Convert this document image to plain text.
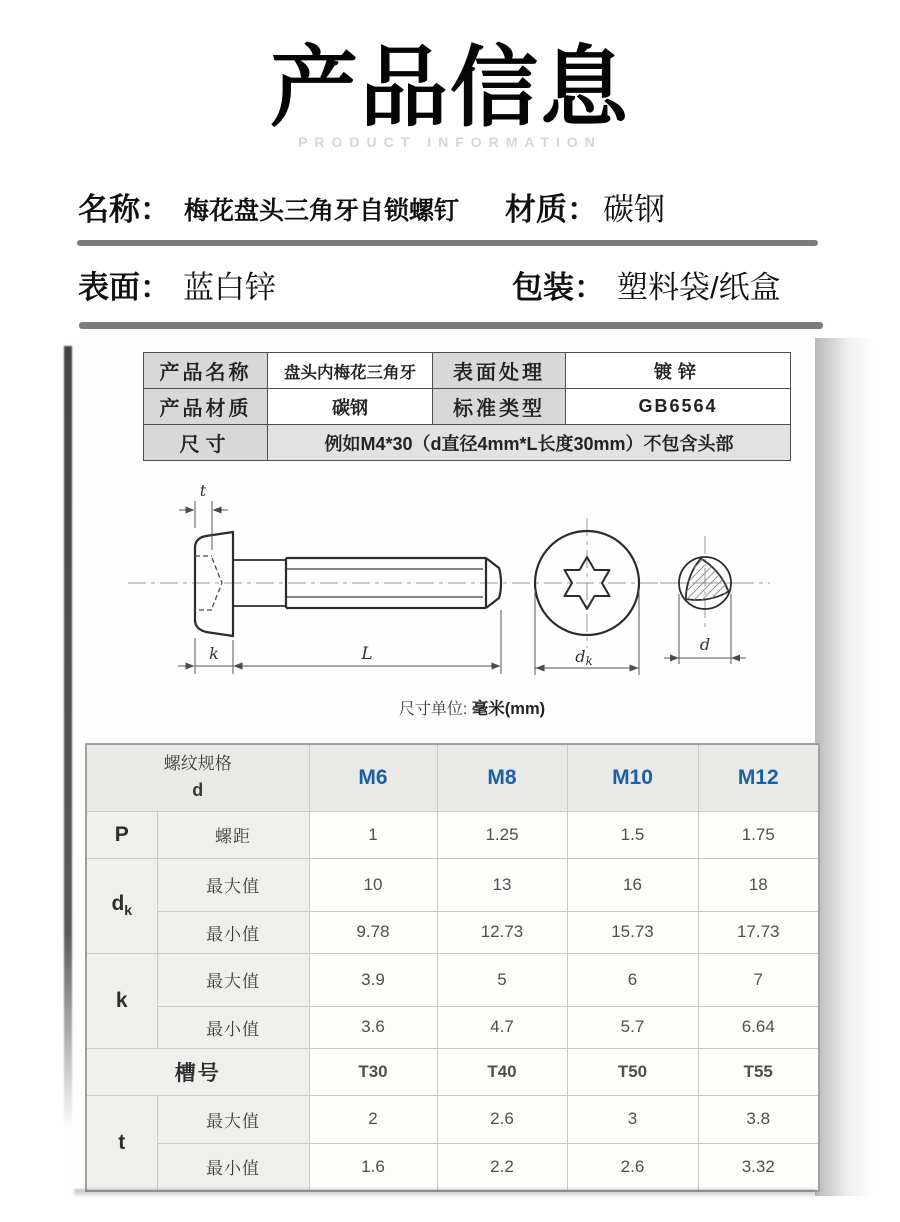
产品信息
PRODUCT INFORMATION
名称： 梅花盘头三角牙自锁螺钉 材质： 碳钢
表面： 蓝白锌	包装： 塑料袋/纸盒
产品名称	盘头内梅花三角牙	表面处理	镀锌
产品材质	碳钢	标准类型	GB6564
尺寸	例如M4*30（d直径4mm*L长度30mm）不包含头部		
t
k	L	dk
d
尺寸单位: 毫米(mm)
螺纹规格
d		M6	M8	M10	M12
P	螺距	1	1.25	1.5	1.75
$d_k$	最大值	10	13	16	18
	最小值	9.78	12.73	15.73	17.73
k	最大值	3.9	5	6	7
	最小值	3.6	4.7	5.7	6.64
槽号		T30	T40	T50	T55
t	最大值	2	2.6	3	3.8
	最小值	1.6	2.2	2.6	3.32
